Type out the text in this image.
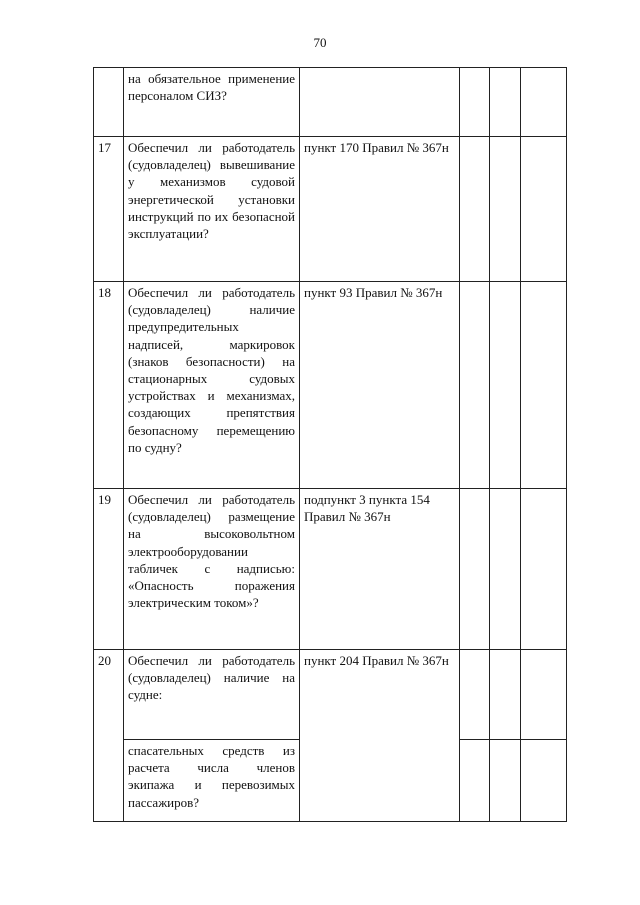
70
	на обязательное применение персоналом СИЗ?				
17	Обеспечил ли работодатель (судовладелец) вывешивание у механизмов судовой энергетической установки инструкций по их безопасной эксплуатации?	пункт 170 Правил № 367н			
18	Обеспечил ли работодатель (судовладелец) наличие предупредительных надписей, маркировок (знаков безопасности) на стационарных судовых устройствах и механизмах, создающих препятствия безопасному перемещению по судну?	пункт 93 Правил № 367н			
19	Обеспечил ли работодатель (судовладелец) размещение на высоковольтном электрооборудовании табличек с надписью: «Опасность поражения электрическим током»?	подпункт 3 пункта 154 Правил № 367н			
20	Обеспечил ли работодатель (судовладелец) наличие на судне:	пункт 204 Правил № 367н			
	спасательных средств из расчета числа членов экипажа и перевозимых пассажиров?				
